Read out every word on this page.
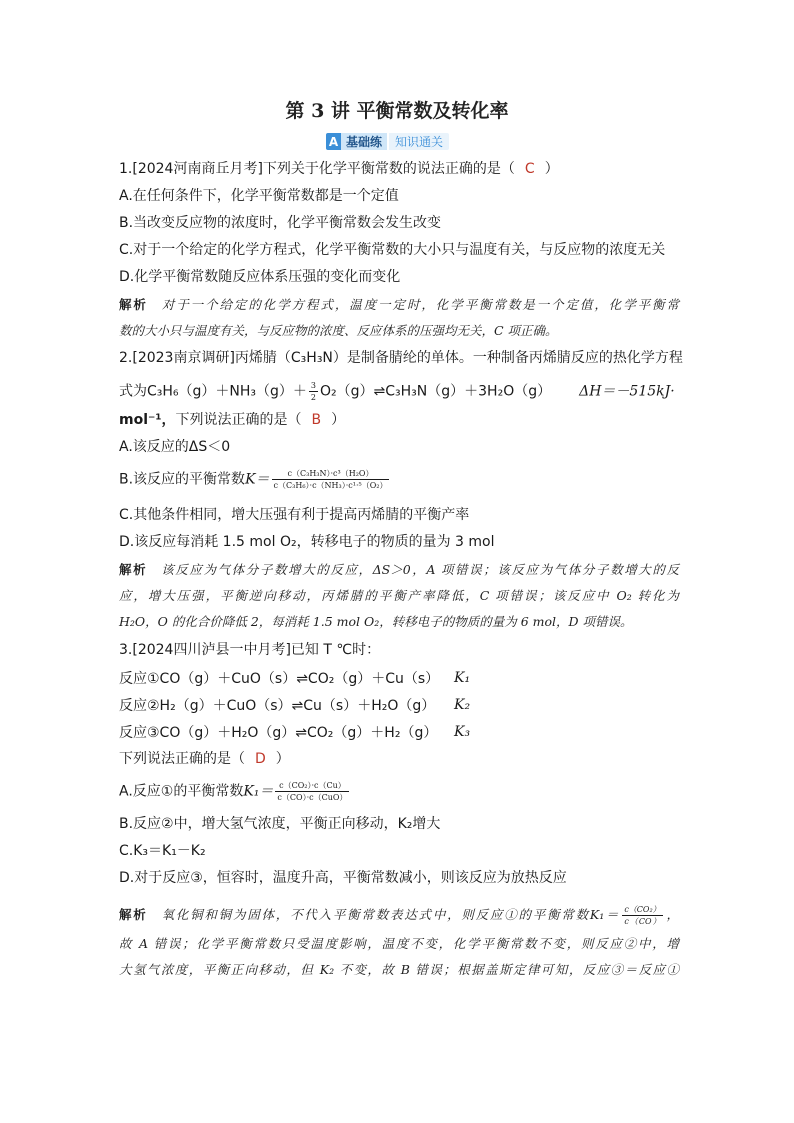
第 3 讲 平衡常数及转化率
A 基础练	知识通关
1.[2024河南商丘月考]下列关于化学平衡常数的说法正确的是（ C ）
A.在任何条件下，化学平衡常数都是一个定值
B.当改变反应物的浓度时，化学平衡常数会发生改变
C.对于一个给定的化学方程式，化学平衡常数的大小只与温度有关，与反应物的浓度无关
D.化学平衡常数随反应体系压强的变化而变化
解析 对于一个给定的化学方程式，温度一定时，化学平衡常数是一个定值，化学平衡常
数的大小只与温度有关，与反应物的浓度、反应体系的压强均无关，C 项正确。
2.[2023南京调研]丙烯腈（C₃H₃N）是制备腈纶的单体。一种制备丙烯腈反应的热化学方程
式为$C_3H_6(g)+NH_3(g)+ \frac{3}{2}$ O₂（g）⇌C₃H₃N（g）＋3H₂O（g） ΔH＝－515kJ·
mol⁻¹，下列说法正确的是（ B ）
A.该反应的ΔS＜0
B.该反应的平衡常数$K= \frac{\text{c（C₃H₃N）·c³（H₂O）}}{\text{c（C₃H₆）·c（NH₃）·c¹·⁵（O₂）}}$
C.其他条件相同，增大压强有利于提高丙烯腈的平衡产率
D.该反应每消耗 1.5 mol O₂，转移电子的物质的量为 3 mol
解析 该反应为气体分子数增大的反应，ΔS＞0，A 项错误；该反应为气体分子数增大的反
应，增大压强，平衡逆向移动，丙烯腈的平衡产率降低，C 项错误；该反应中 O₂ 转化为
H₂O，O 的化合价降低 2，每消耗 1.5 mol O₂，转移电子的物质的量为 6 mol，D 项错误。
3.[2024四川泸县一中月考]已知 T ℃时：
反应①CO（g）＋CuO（s）⇌CO₂（g）＋Cu（s） K₁
反应②H₂（g）＋CuO（s）⇌Cu（s）＋H₂O（g） K₂
反应③CO（g）＋H₂O（g）⇌CO₂（g）＋H₂（g） K₃
下列说法正确的是（ D ）
A.反应①的平衡常数$K_1= \frac{\text{c（CO₂）·c（Cu）}}{\text{c（CO）·c（CuO）}}$
B.反应②中，增大氢气浓度，平衡正向移动，K₂增大
C.K₃＝K₁－K₂
D.对于反应③，恒容时，温度升高，平衡常数减小，则该反应为放热反应
解析 氧化铜和铜为固体，不代入平衡常数表达式中，则反应①的平衡常数$K_1= \frac{\text{c（CO₂）}}{c(CO)}$ ，
故 A 错误；化学平衡常数只受温度影响，温度不变，化学平衡常数不变，则反应②中，增
大氢气浓度，平衡正向移动，但 K₂ 不变，故 B 错误；根据盖斯定律可知，反应③＝反应①
